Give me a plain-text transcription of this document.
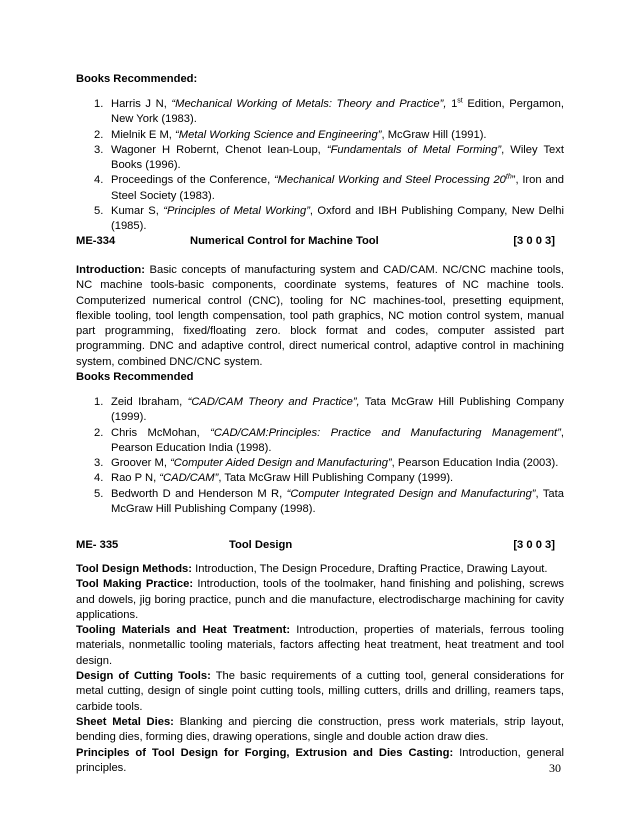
Books Recommended:
1. Harris J N, “Mechanical Working of Metals: Theory and Practice”, 1st Edition, Pergamon, New York (1983).
2. Mielnik E M, “Metal Working Science and Engineering”, McGraw Hill (1991).
3. Wagoner H Robernt, Chenot Iean-Loup, “Fundamentals of Metal Forming”, Wiley Text Books (1996).
4. Proceedings of the Conference, “Mechanical Working and Steel Processing 20th”, Iron and Steel Society (1983).
5. Kumar S, “Principles of Metal Working”, Oxford and IBH Publishing Company, New Delhi (1985).
ME-334	Numerical Control for Machine Tool	[3 0 0 3]

Introduction: Basic concepts of manufacturing system and CAD/CAM. NC/CNC machine tools, NC machine tools-basic components, coordinate systems, features of NC machine tools. Computerized numerical control (CNC), tooling for NC machines-tool, presetting equipment, flexible tooling, tool length compensation, tool path graphics, NC motion control system, manual part programming, fixed/floating zero. block format and codes, computer assisted part programming. DNC and adaptive control, direct numerical control, adaptive control in machining system, combined DNC/CNC system.

Books Recommended
1. Zeid Ibraham, “CAD/CAM Theory and Practice”, Tata McGraw Hill Publishing Company (1999).
2. Chris McMohan, “CAD/CAM:Principles: Practice and Manufacturing Management”, Pearson Education India (1998).
3. Groover M, “Computer Aided Design and Manufacturing”, Pearson Education India (2003).
4. Rao P N, “CAD/CAM”, Tata McGraw Hill Publishing Company (1999).
5. Bedworth D and Henderson M R, “Computer Integrated Design and Manufacturing”, Tata McGraw Hill Publishing Company (1998).
ME- 335	Tool Design	[3 0 0 3]

Tool Design Methods: Introduction, The Design Procedure, Drafting Practice, Drawing Layout.

Tool Making Practice: Introduction, tools of the toolmaker, hand finishing and polishing, screws and dowels, jig boring practice, punch and die manufacture, electrodischarge machining for cavity applications.

Tooling Materials and Heat Treatment: Introduction, properties of materials, ferrous tooling materials, nonmetallic tooling materials, factors affecting heat treatment, heat treatment and tool design.

Design of Cutting Tools: The basic requirements of a cutting tool, general considerations for metal cutting, design of single point cutting tools, milling cutters, drills and drilling, reamers taps, carbide tools.

Sheet Metal Dies: Blanking and piercing die construction, press work materials, strip layout, bending dies, forming dies, drawing operations, single and double action draw dies.

Principles of Tool Design for Forging, Extrusion and Dies Casting: Introduction, general principles.	30
